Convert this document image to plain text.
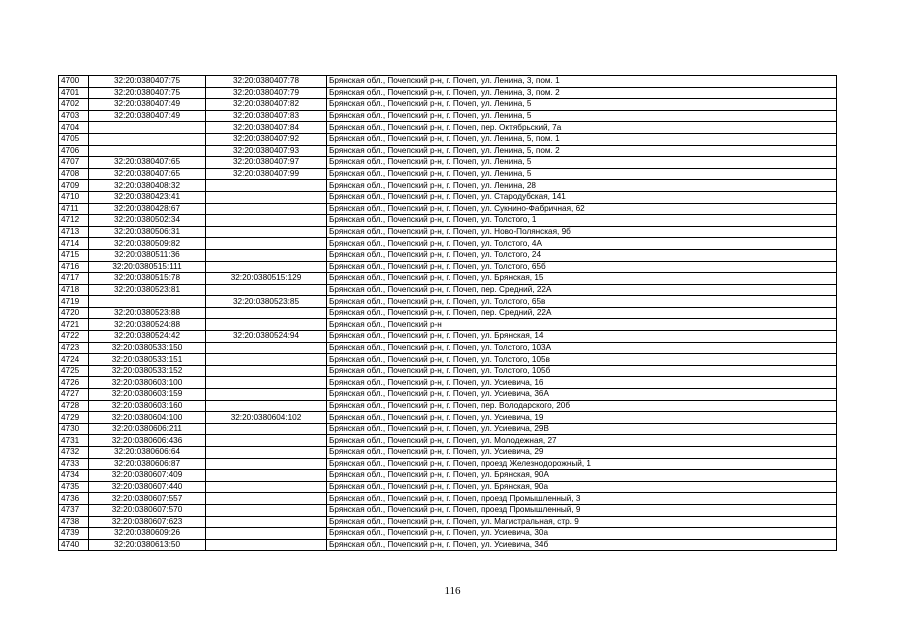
4700	32:20:0380407:75	32:20:0380407:78	Брянская обл., Почепский р-н, г. Почеп, ул. Ленина, 3, пом. 1
4701	32:20:0380407:75	32:20:0380407:79	Брянская обл., Почепский р-н, г. Почеп, ул. Ленина, 3, пом. 2
4702	32:20:0380407:49	32:20:0380407:82	Брянская обл., Почепский р-н, г. Почеп, ул. Ленина, 5
4703	32:20:0380407:49	32:20:0380407:83	Брянская обл., Почепский р-н, г. Почеп, ул. Ленина, 5
4704		32:20:0380407:84	Брянская обл., Почепский р-н, г. Почеп, пер. Октябрьский, 7а
4705		32:20:0380407:92	Брянская обл., Почепский р-н, г. Почеп, ул. Ленина, 5, пом. 1
4706		32:20:0380407:93	Брянская обл., Почепский р-н, г. Почеп, ул. Ленина, 5, пом. 2
4707	32:20:0380407:65	32:20:0380407:97	Брянская обл., Почепский р-н, г. Почеп, ул. Ленина, 5
4708	32:20:0380407:65	32:20:0380407:99	Брянская обл., Почепский р-н, г. Почеп, ул. Ленина, 5
4709	32:20:0380408:32		Брянская обл., Почепский р-н, г. Почеп, ул. Ленина, 28
4710	32:20:0380423:41		Брянская обл., Почепский р-н, г. Почеп, ул. Стародубская, 141
4711	32:20:0380428:67		Брянская обл., Почепский р-н, г. Почеп, ул. Сукнино-Фабричная, 62
4712	32:20:0380502:34		Брянская обл., Почепский р-н, г. Почеп, ул. Толстого, 1
4713	32:20:0380506:31		Брянская обл., Почепский р-н, г. Почеп, ул. Ново-Полянская, 9б
4714	32:20:0380509:82		Брянская обл., Почепский р-н, г. Почеп, ул. Толстого, 4А
4715	32:20:0380511:36		Брянская обл., Почепский р-н, г. Почеп, ул. Толстого, 24
4716	32:20:0380515:111		Брянская обл., Почепский р-н, г. Почеп, ул. Толстого, 65б
4717	32:20:0380515:78	32:20:0380515:129	Брянская обл., Почепский р-н, г. Почеп, ул. Брянская, 15
4718	32:20:0380523:81		Брянская обл., Почепский р-н, г. Почеп, пер. Средний, 22А
4719		32:20:0380523:85	Брянская обл., Почепский р-н, г. Почеп, ул. Толстого, 65в
4720	32:20:0380523:88		Брянская обл., Почепский р-н, г. Почеп, пер. Средний, 22А
4721	32:20:0380524:88		Брянская обл., Почепский р-н
4722	32:20:0380524:42	32:20:0380524:94	Брянская обл., Почепский р-н, г. Почеп, ул. Брянская, 14
4723	32:20:0380533:150		Брянская обл., Почепский р-н, г. Почеп, ул. Толстого, 103А
4724	32:20:0380533:151		Брянская обл., Почепский р-н, г. Почеп, ул. Толстого, 105в
4725	32:20:0380533:152		Брянская обл., Почепский р-н, г. Почеп, ул. Толстого, 105б
4726	32:20:0380603:100		Брянская обл., Почепский р-н, г. Почеп, ул. Усиевича, 16
4727	32:20:0380603:159		Брянская обл., Почепский р-н, г. Почеп, ул. Усиевича, 36А
4728	32:20:0380603:160		Брянская обл., Почепский р-н, г. Почеп, пер. Володарского, 20б
4729	32:20:0380604:100	32:20:0380604:102	Брянская обл., Почепский р-н, г. Почеп, ул. Усиевича, 19
4730	32:20:0380606:211		Брянская обл., Почепский р-н, г. Почеп, ул. Усиевича, 29В
4731	32:20:0380606:436		Брянская обл., Почепский р-н, г. Почеп, ул. Молодежная, 27
4732	32:20:0380606:64		Брянская обл., Почепский р-н, г. Почеп, ул. Усиевича, 29
4733	32:20:0380606:87		Брянская обл., Почепский р-н, г. Почеп, проезд Железнодорожный, 1
4734	32:20:0380607:409		Брянская обл., Почепский р-н, г. Почеп, ул. Брянская, 90А
4735	32:20:0380607:440		Брянская обл., Почепский р-н, г. Почеп, ул. Брянская, 90а
4736	32:20:0380607:557		Брянская обл., Почепский р-н, г. Почеп, проезд Промышленный, 3
4737	32:20:0380607:570		Брянская обл., Почепский р-н, г. Почеп, проезд Промышленный, 9
4738	32:20:0380607:623		Брянская обл., Почепский р-н, г. Почеп, ул. Магистральная, стр. 9
4739	32:20:0380609:26		Брянская обл., Почепский р-н, г. Почеп, ул. Усиевича, 30а
4740	32:20:0380613:50		Брянская обл., Почепский р-н, г. Почеп, ул. Усиевича, 34б
116
